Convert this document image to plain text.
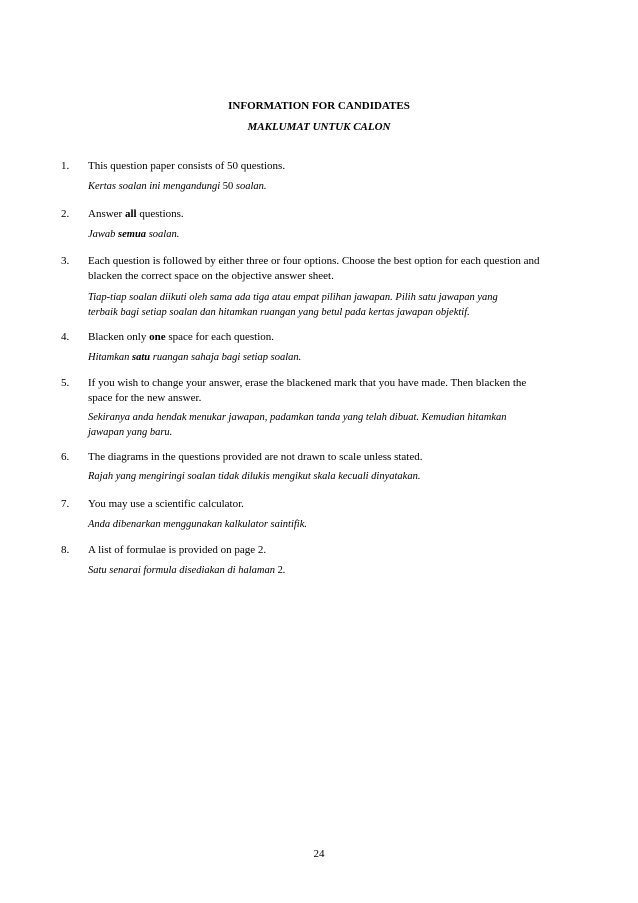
INFORMATION FOR CANDIDATES
MAKLUMAT UNTUK CALON
1. This question paper consists of 50 questions.
Kertas soalan ini mengandungi 50 soalan.
2. Answer all questions.
Jawab semua soalan.
3. Each question is followed by either three or four options. Choose the best option for each question and
blacken the correct space on the objective answer sheet.
Tiap-tiap soalan diikuti oleh sama ada tiga atau empat pilihan jawapan. Pilih satu jawapan yang
terbaik bagi setiap soalan dan hitamkan ruangan yang betul pada kertas jawapan objektif.
4. Blacken only one space for each question.
Hitamkan satu ruangan sahaja bagi setiap soalan.
5. If you wish to change your answer, erase the blackened mark that you have made. Then blacken the
space for the new answer.
Sekiranya anda hendak menukar jawapan, padamkan tanda yang telah dibuat. Kemudian hitamkan
jawapan yang baru.
6. The diagrams in the questions provided are not drawn to scale unless stated.
Rajah yang mengiringi soalan tidak dilukis mengikut skala kecuali dinyatakan.
7. You may use a scientific calculator.
Anda dibenarkan menggunakan kalkulator saintifik.
8. A list of formulae is provided on page 2.
Satu senarai formula disediakan di halaman 2.
24
